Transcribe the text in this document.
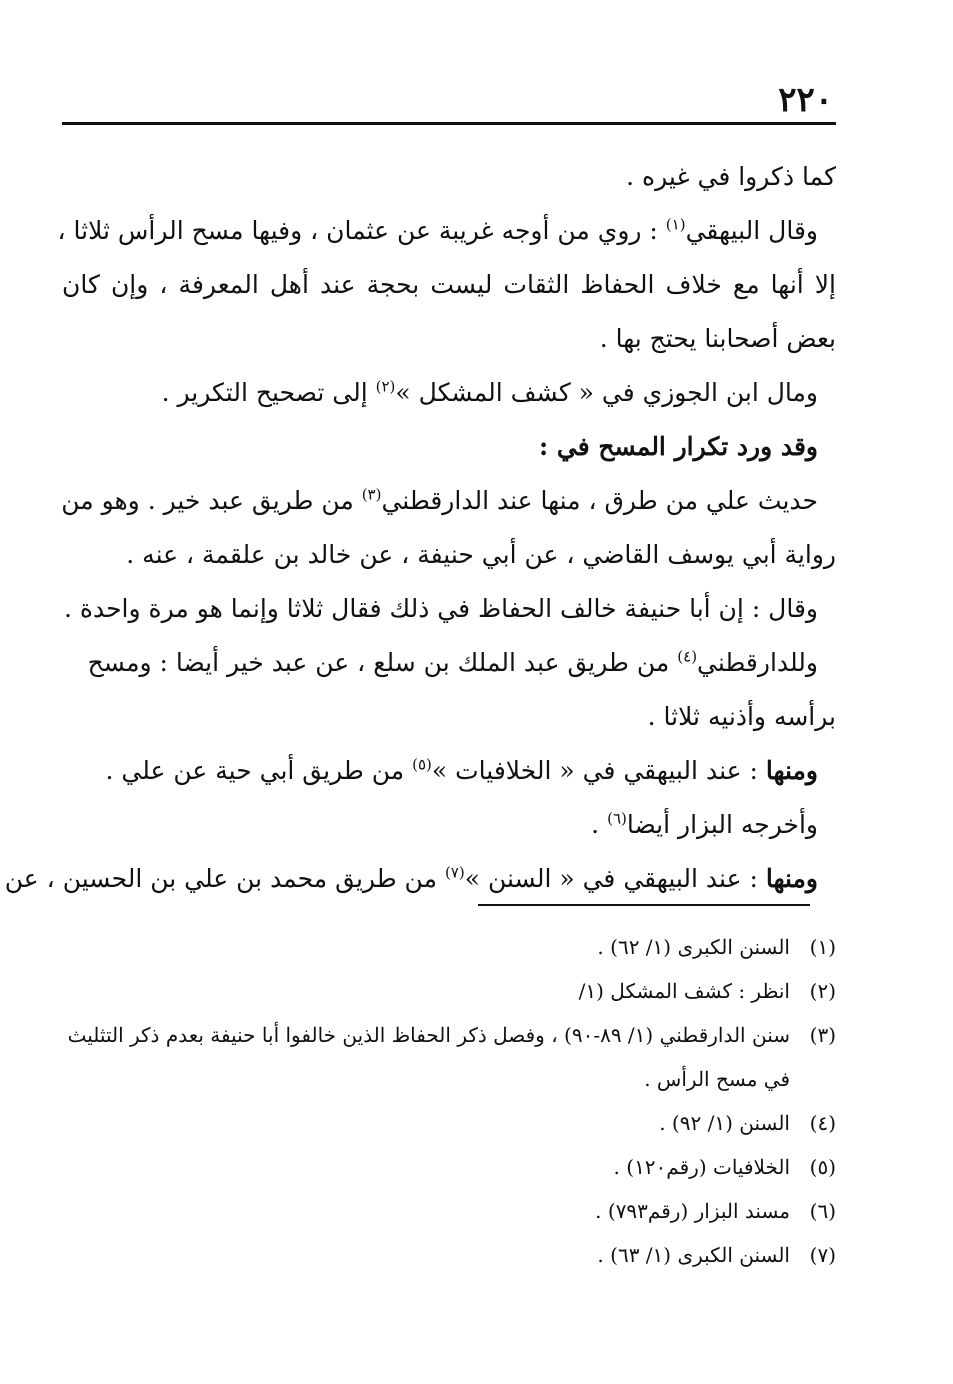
٢٢٠
كما ذكروا في غيره .
وقال البيهقي$^{(١)}$ : روي من أوجه غريبة عن عثمان ، وفيها مسح الرأس ثلاثا ،
إلا أنها مع خلاف الحفاظ الثقات ليست بحجة عند أهل المعرفة ، وإن كان
بعض أصحابنا يحتج بها .
ومال ابن الجوزي في « كشف المشكل »$^{(٢)}$ إلى تصحيح التكرير .
وقد ورد تكرار المسح في :
حديث علي من طرق ، منها عند الدارقطني$^{(٣)}$ من طريق عبد خير . وهو من
رواية أبي يوسف القاضي ، عن أبي حنيفة ، عن خالد بن علقمة ، عنه .
وقال : إن أبا حنيفة خالف الحفاظ في ذلك فقال ثلاثا وإنما هو مرة واحدة .
وللدارقطني$^{(٤)}$ من طريق عبد الملك بن سلع ، عن عبد خير أيضا : ومسح
برأسه وأذنيه ثلاثا .
ومنها : عند البيهقي في « الخلافيات »$^{(٥)}$ من طريق أبي حية عن علي .
وأخرجه البزار أيضا$^{(٦)}$ .
ومنها : عند البيهقي في « السنن »$^{(٧)}$ من طريق محمد بن علي بن الحسين ، عن
(١)
السنن الكبرى (١/ ٦٢) .
(٢)
انظر : كشف المشكل (١/
(٣)
سنن الدارقطني (١/ ٨٩-٩٠) ، وفصل ذكر الحفاظ الذين خالفوا أبا حنيفة بعدم ذكر التثليث
في مسح الرأس .
(٤)
السنن (١/ ٩٢) .
(٥)
الخلافيات (رقم١٢٠) .
(٦)
مسند البزار (رقم٧٩٣) .
(٧)
السنن الكبرى (١/ ٦٣) .
